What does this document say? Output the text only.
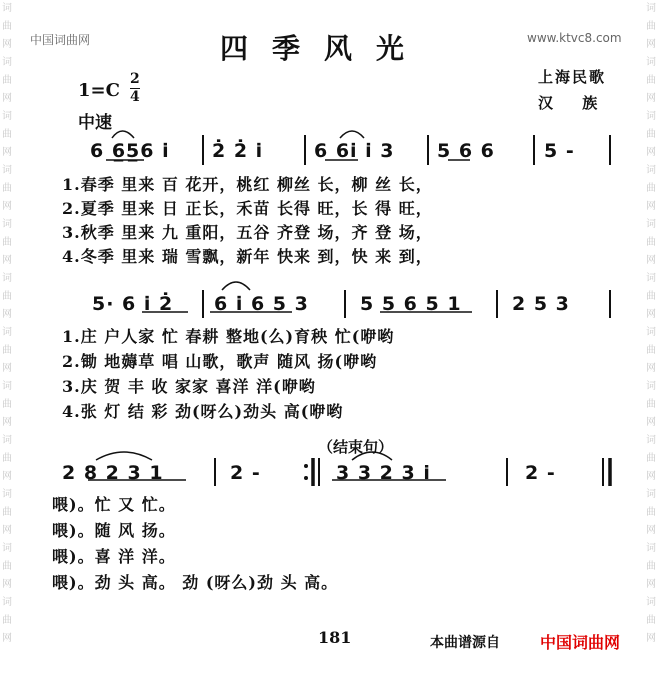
中国词曲网	www.ktvc8.com
词
曲
网
词
曲
网
词
曲
网
词
曲
网
词
曲
网
词
曲
网
词
曲
网
词
曲
网
词
曲
网
词
曲
网
词
曲
网
词
曲
网
词
曲
网
词
曲
网
词
曲
网
词
曲
网
词
曲
网
词
曲
网
词
曲
网
词
曲
网
词
曲
网
词
曲
网
词
曲
网
词
曲
网
四季风光
上海民歌
汉 族
1=C
2
4
中速
6 6̲5̲6 i̇ 2̇ 2̇ i̇	6 6i̇ i̇ 3 5 6 6	5 -
1.春季 里来 百 花开，桃红 柳丝 长，柳 丝 长，
2.夏季 里来 日 正长，禾苗 长得 旺，长 得 旺，
3.秋季 里来 九 重阳，五谷 齐登 场，齐 登 场，
4.冬季 里来 瑞 雪飘，新年 快来 到，快 来 到，
5· 6 i̇ 2̇ 6 i̇ 6 5 3	5 5 6 5 1	2 5 3
1.庄 户人家 忙 春耕 整地(么)育秧 忙(咿哟
2.锄 地薅草 唱 山歌，歌声 随风 扬(咿哟
3.庆 贺 丰 收 家家 喜洋 洋(咿哟
4.张 灯 结 彩 劲(呀么)劲头 高(咿哟
（结束句）
2 8 2 3 1	2 -	3 3 2 3 i	2 -
喂)。忙 又 忙。
喂)。随 风 扬。
喂)。喜 洋 洋。
喂)。劲 头 高。 劲 (呀么)劲 头 高。
181	本曲谱源自	中国词曲网
